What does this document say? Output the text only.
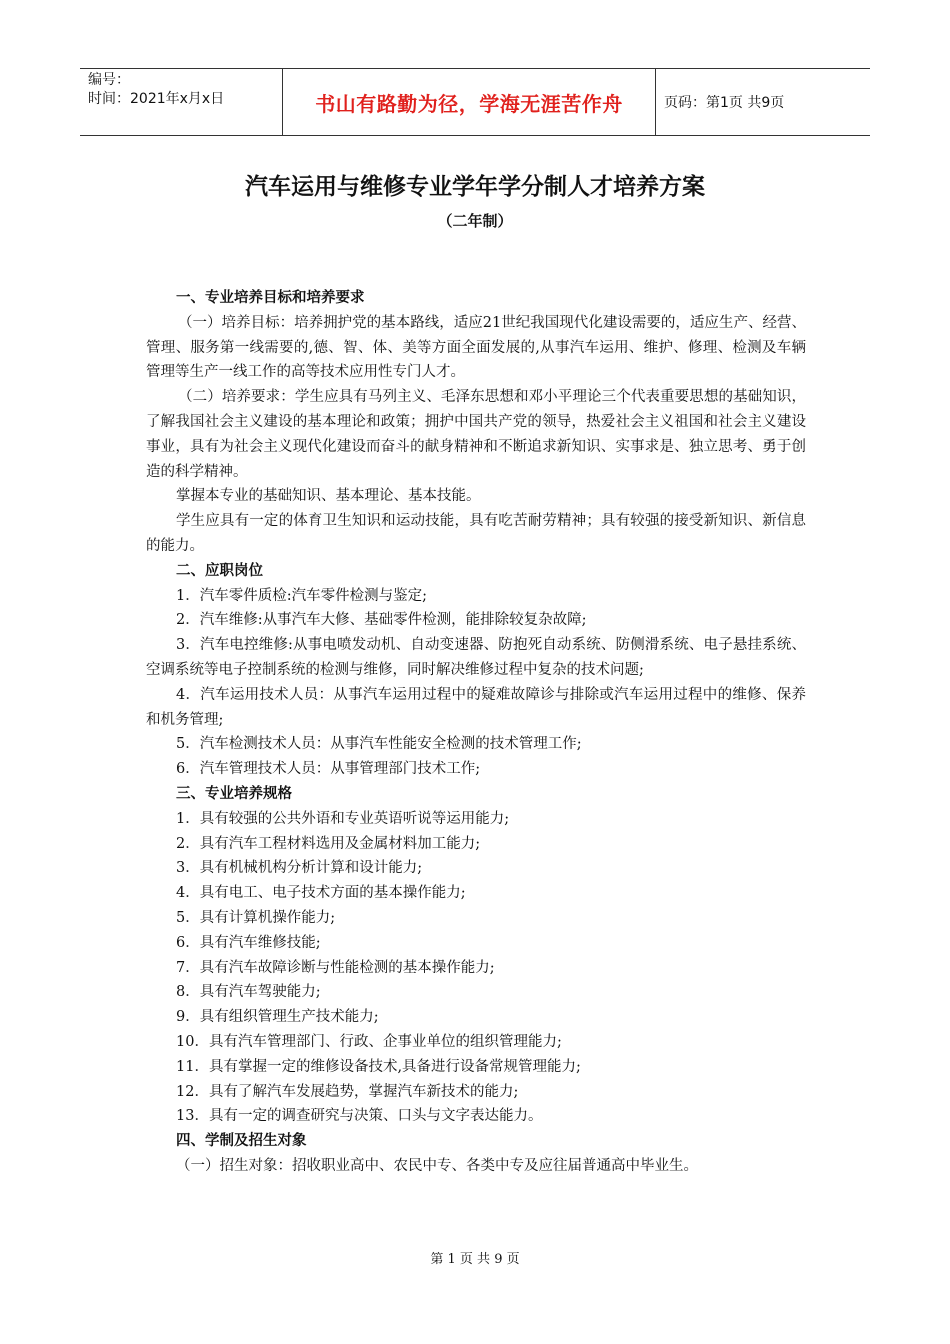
编号：
时间：2021年x月x日	书山有路勤为径，学海无涯苦作舟	页码：第1页 共9页
汽车运用与维修专业学年学分制人才培养方案
（二年制）

一、专业培养目标和培养要求

（一）培养目标：培养拥护党的基本路线，适应21世纪我国现代化建设需要的，适应生产、经营、管理、服务第一线需要的,德、智、体、美等方面全面发展的,从事汽车运用、维护、修理、检测及车辆管理等生产一线工作的高等技术应用性专门人才。

（二）培养要求：学生应具有马列主义、毛泽东思想和邓小平理论三个代表重要思想的基础知识，了解我国社会主义建设的基本理论和政策；拥护中国共产党的领导，热爱社会主义祖国和社会主义建设事业，具有为社会主义现代化建设而奋斗的献身精神和不断追求新知识、实事求是、独立思考、勇于创造的科学精神。

掌握本专业的基础知识、基本理论、基本技能。

学生应具有一定的体育卫生知识和运动技能，具有吃苦耐劳精神；具有较强的接受新知识、新信息的能力。

二、应职岗位

1．汽车零件质检:汽车零件检测与鉴定;

2．汽车维修:从事汽车大修、基础零件检测，能排除较复杂故障;

3．汽车电控维修:从事电喷发动机、自动变速器、防抱死自动系统、防侧滑系统、电子悬挂系统、空调系统等电子控制系统的检测与维修，同时解决维修过程中复杂的技术问题;

4．汽车运用技术人员：从事汽车运用过程中的疑难故障诊与排除或汽车运用过程中的维修、保养和机务管理;

5．汽车检测技术人员：从事汽车性能安全检测的技术管理工作;

6．汽车管理技术人员：从事管理部门技术工作;

三、专业培养规格

1．具有较强的公共外语和专业英语听说等运用能力;

2．具有汽车工程材料选用及金属材料加工能力;

3．具有机械机构分析计算和设计能力;

4．具有电工、电子技术方面的基本操作能力;

5．具有计算机操作能力;

6．具有汽车维修技能;

7．具有汽车故障诊断与性能检测的基本操作能力;

8．具有汽车驾驶能力;

9．具有组织管理生产技术能力;

10．具有汽车管理部门、行政、企事业单位的组织管理能力;

11．具有掌握一定的维修设备技术,具备进行设备常规管理能力;

12．具有了解汽车发展趋势，掌握汽车新技术的能力;

13．具有一定的调查研究与决策、口头与文字表达能力。

四、学制及招生对象

（一）招生对象：招收职业高中、农民中专、各类中专及应往届普通高中毕业生。

第 1 页 共 9 页
